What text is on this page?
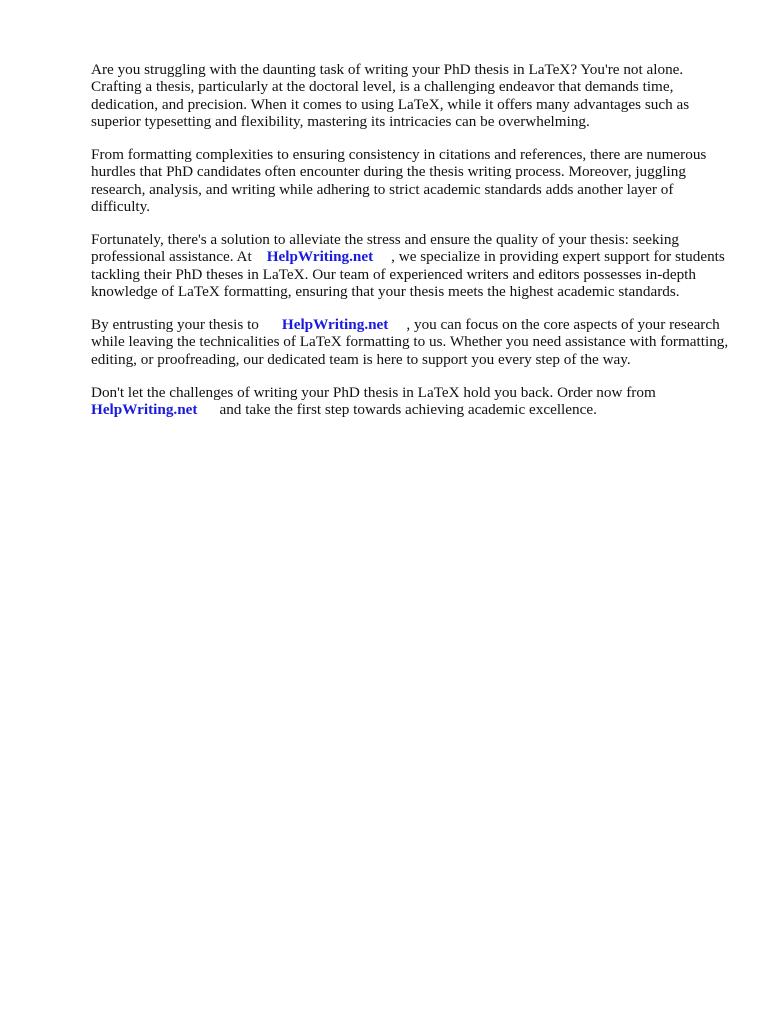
Are you struggling with the daunting task of writing your PhD thesis in LaTeX? You're not alone. Crafting a thesis, particularly at the doctoral level, is a challenging endeavor that demands time, dedication, and precision. When it comes to using LaTeX, while it offers many advantages such as superior typesetting and flexibility, mastering its intricacies can be overwhelming.

From formatting complexities to ensuring consistency in citations and references, there are numerous hurdles that PhD candidates often encounter during the thesis writing process. Moreover, juggling research, analysis, and writing while adhering to strict academic standards adds another layer of difficulty.

Fortunately, there's a solution to alleviate the stress and ensure the quality of your thesis: seeking professional assistance. At HelpWriting.net , we specialize in providing expert support for students tackling their PhD theses in LaTeX. Our team of experienced writers and editors possesses in-depth knowledge of LaTeX formatting, ensuring that your thesis meets the highest academic standards.

By entrusting your thesis to HelpWriting.net , you can focus on the core aspects of your research while leaving the technicalities of LaTeX formatting to us. Whether you need assistance with formatting, editing, or proofreading, our dedicated team is here to support you every step of the way.

Don't let the challenges of writing your PhD thesis in LaTeX hold you back. Order now from HelpWriting.net and take the first step towards achieving academic excellence.
